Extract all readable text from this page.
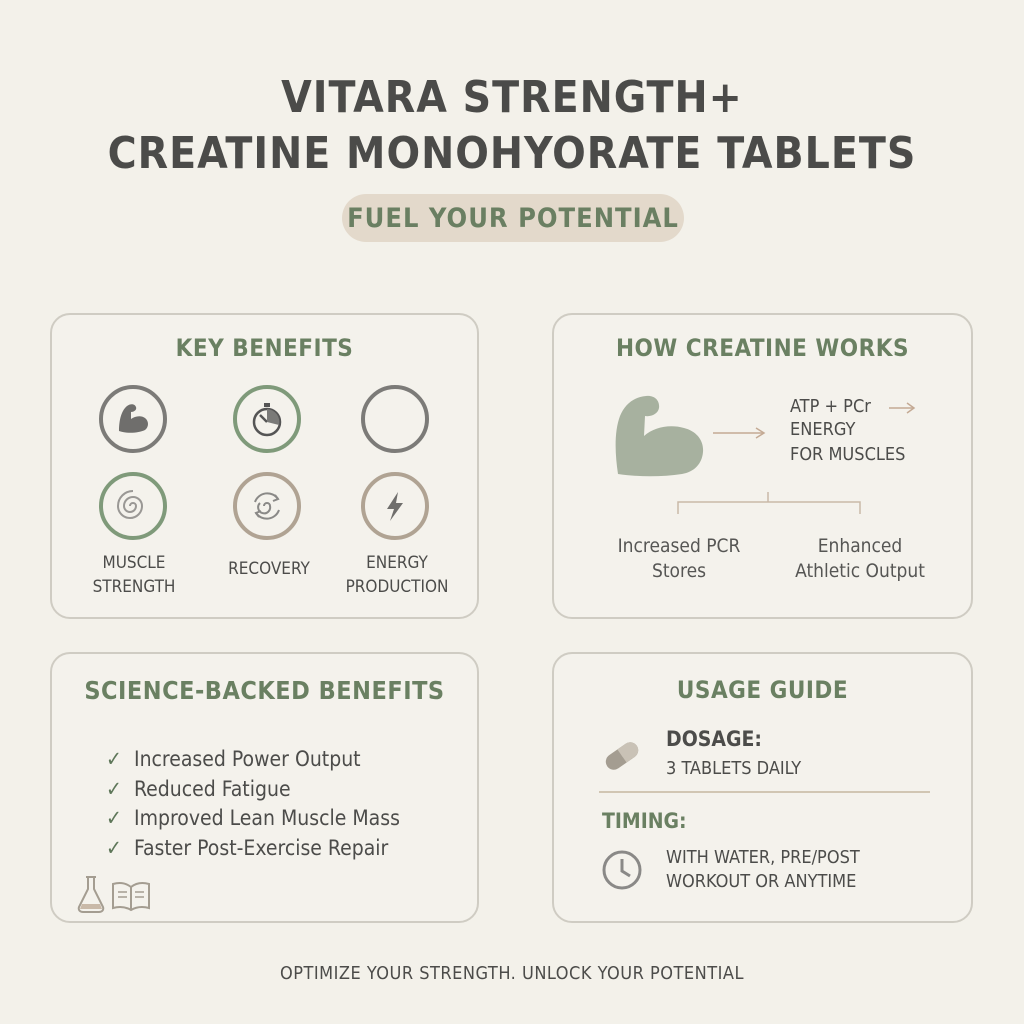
VITARA STRENGTH+
CREATINE MONOHYORATE TABLETS
FUEL YOUR POTENTIAL
KEY BENEFITS
MUSCLE
STRENGTH
RECOVERY	ENERGY
PRODUCTION
HOW CREATINE WORKS
ATP + PCr
ENERGY
FOR MUSCLES
Increased PCR
Stores
Enhanced
Athletic Output
SCIENCE-BACKED BENEFITS
✓ Increased Power Output
✓ Reduced Fatigue
✓ Improved Lean Muscle Mass
✓ Faster Post-Exercise Repair
USAGE GUIDE
DOSAGE:
3 TABLETS DAILY
TIMING:
WITH WATER, PRE/POST
WORKOUT OR ANYTIME
OPTIMIZE YOUR STRENGTH. UNLOCK YOUR POTENTIAL
